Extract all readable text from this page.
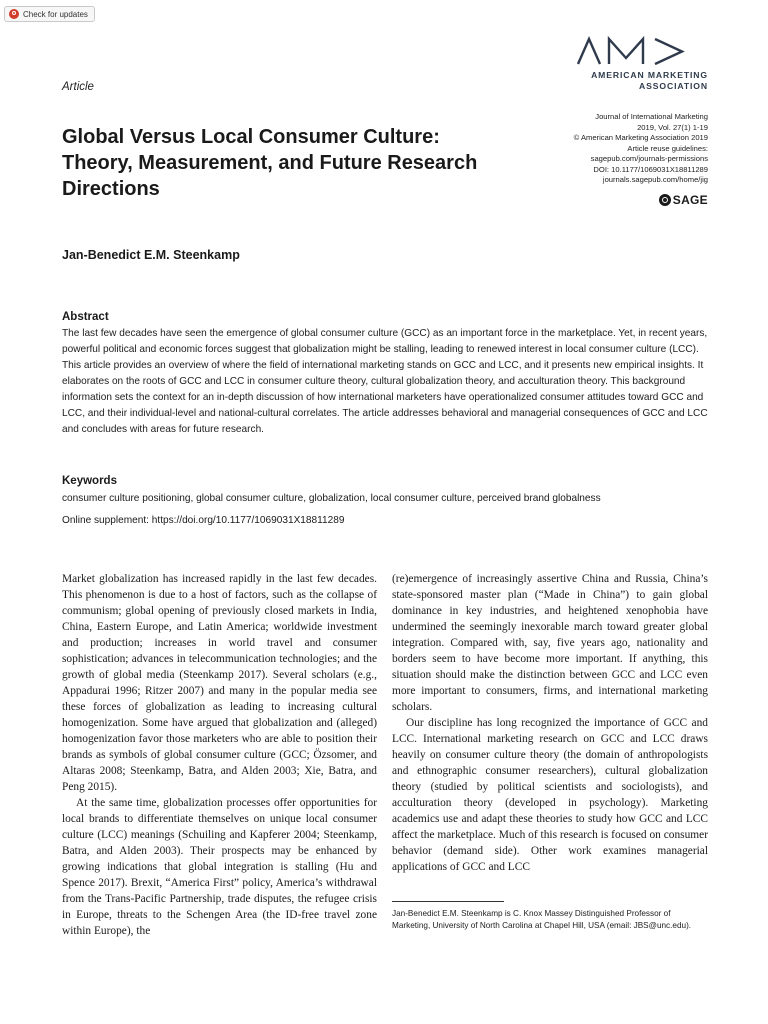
Check for updates
AMERICAN MARKETING ASSOCIATION
Article
Global Versus Local Consumer Culture: Theory, Measurement, and Future Research Directions
Journal of International Marketing
2019, Vol. 27(1) 1-19
© American Marketing Association 2019
Article reuse guidelines:
sagepub.com/journals-permissions
DOI: 10.1177/1069031X18811289
journals.sagepub.com/home/jig
SAGE
Jan-Benedict E.M. Steenkamp
Abstract

The last few decades have seen the emergence of global consumer culture (GCC) as an important force in the marketplace. Yet, in recent years, powerful political and economic forces suggest that globalization might be stalling, leading to renewed interest in local consumer culture (LCC). This article provides an overview of where the field of international marketing stands on GCC and LCC, and it presents new empirical insights. It elaborates on the roots of GCC and LCC in consumer culture theory, cultural globalization theory, and acculturation theory. This background information sets the context for an in-depth discussion of how international marketers have operationalized consumer attitudes toward GCC and LCC, and their individual-level and national-cultural correlates. The article addresses behavioral and managerial consequences of GCC and LCC and concludes with areas for future research.

Keywords
consumer culture positioning, global consumer culture, globalization, local consumer culture, perceived brand globalness
Online supplement: https://doi.org/10.1177/1069031X18811289

Market globalization has increased rapidly in the last few decades. This phenomenon is due to a host of factors, such as the collapse of communism; global opening of previously closed markets in India, China, Eastern Europe, and Latin America; worldwide investment and production; increases in world travel and consumer sophistication; advances in telecommunication technologies; and the growth of global media (Steenkamp 2017). Several scholars (e.g., Appadurai 1996; Ritzer 2007) and many in the popular media see these forces of globalization as leading to increasing cultural homogenization. Some have argued that globalization and (alleged) homogenization favor those marketers who are able to position their brands as symbols of global consumer culture (GCC; Özsomer, and Altaras 2008; Steenkamp, Batra, and Alden 2003; Xie, Batra, and Peng 2015).

At the same time, globalization processes offer opportunities for local brands to differentiate themselves on unique local consumer culture (LCC) meanings (Schuiling and Kapferer 2004; Steenkamp, Batra, and Alden 2003). Their prospects may be enhanced by growing indications that global integration is stalling (Hu and Spence 2017). Brexit, “America First” policy, America’s withdrawal from the Trans-Pacific Partnership, trade disputes, the refugee crisis in Europe, threats to the Schengen Area (the ID-free travel zone within Europe), the

(re)emergence of increasingly assertive China and Russia, China’s state-sponsored master plan (“Made in China”) to gain global dominance in key industries, and heightened xenophobia have undermined the seemingly inexorable march toward greater global integration. Compared with, say, five years ago, nationality and borders seem to have become more important. If anything, this situation should make the distinction between GCC and LCC even more important to consumers, firms, and international marketing scholars.

Our discipline has long recognized the importance of GCC and LCC. International marketing research on GCC and LCC draws heavily on consumer culture theory (the domain of anthropologists and ethnographic consumer researchers), cultural globalization theory (studied by political scientists and sociologists), and acculturation theory (developed in psychology). Marketing academics use and adapt these theories to study how GCC and LCC affect the marketplace. Much of this research is focused on consumer behavior (demand side). Other work examines managerial applications of GCC and LCC

Jan-Benedict E.M. Steenkamp is C. Knox Massey Distinguished Professor of Marketing, University of North Carolina at Chapel Hill, USA (email: JBS@unc.edu).
